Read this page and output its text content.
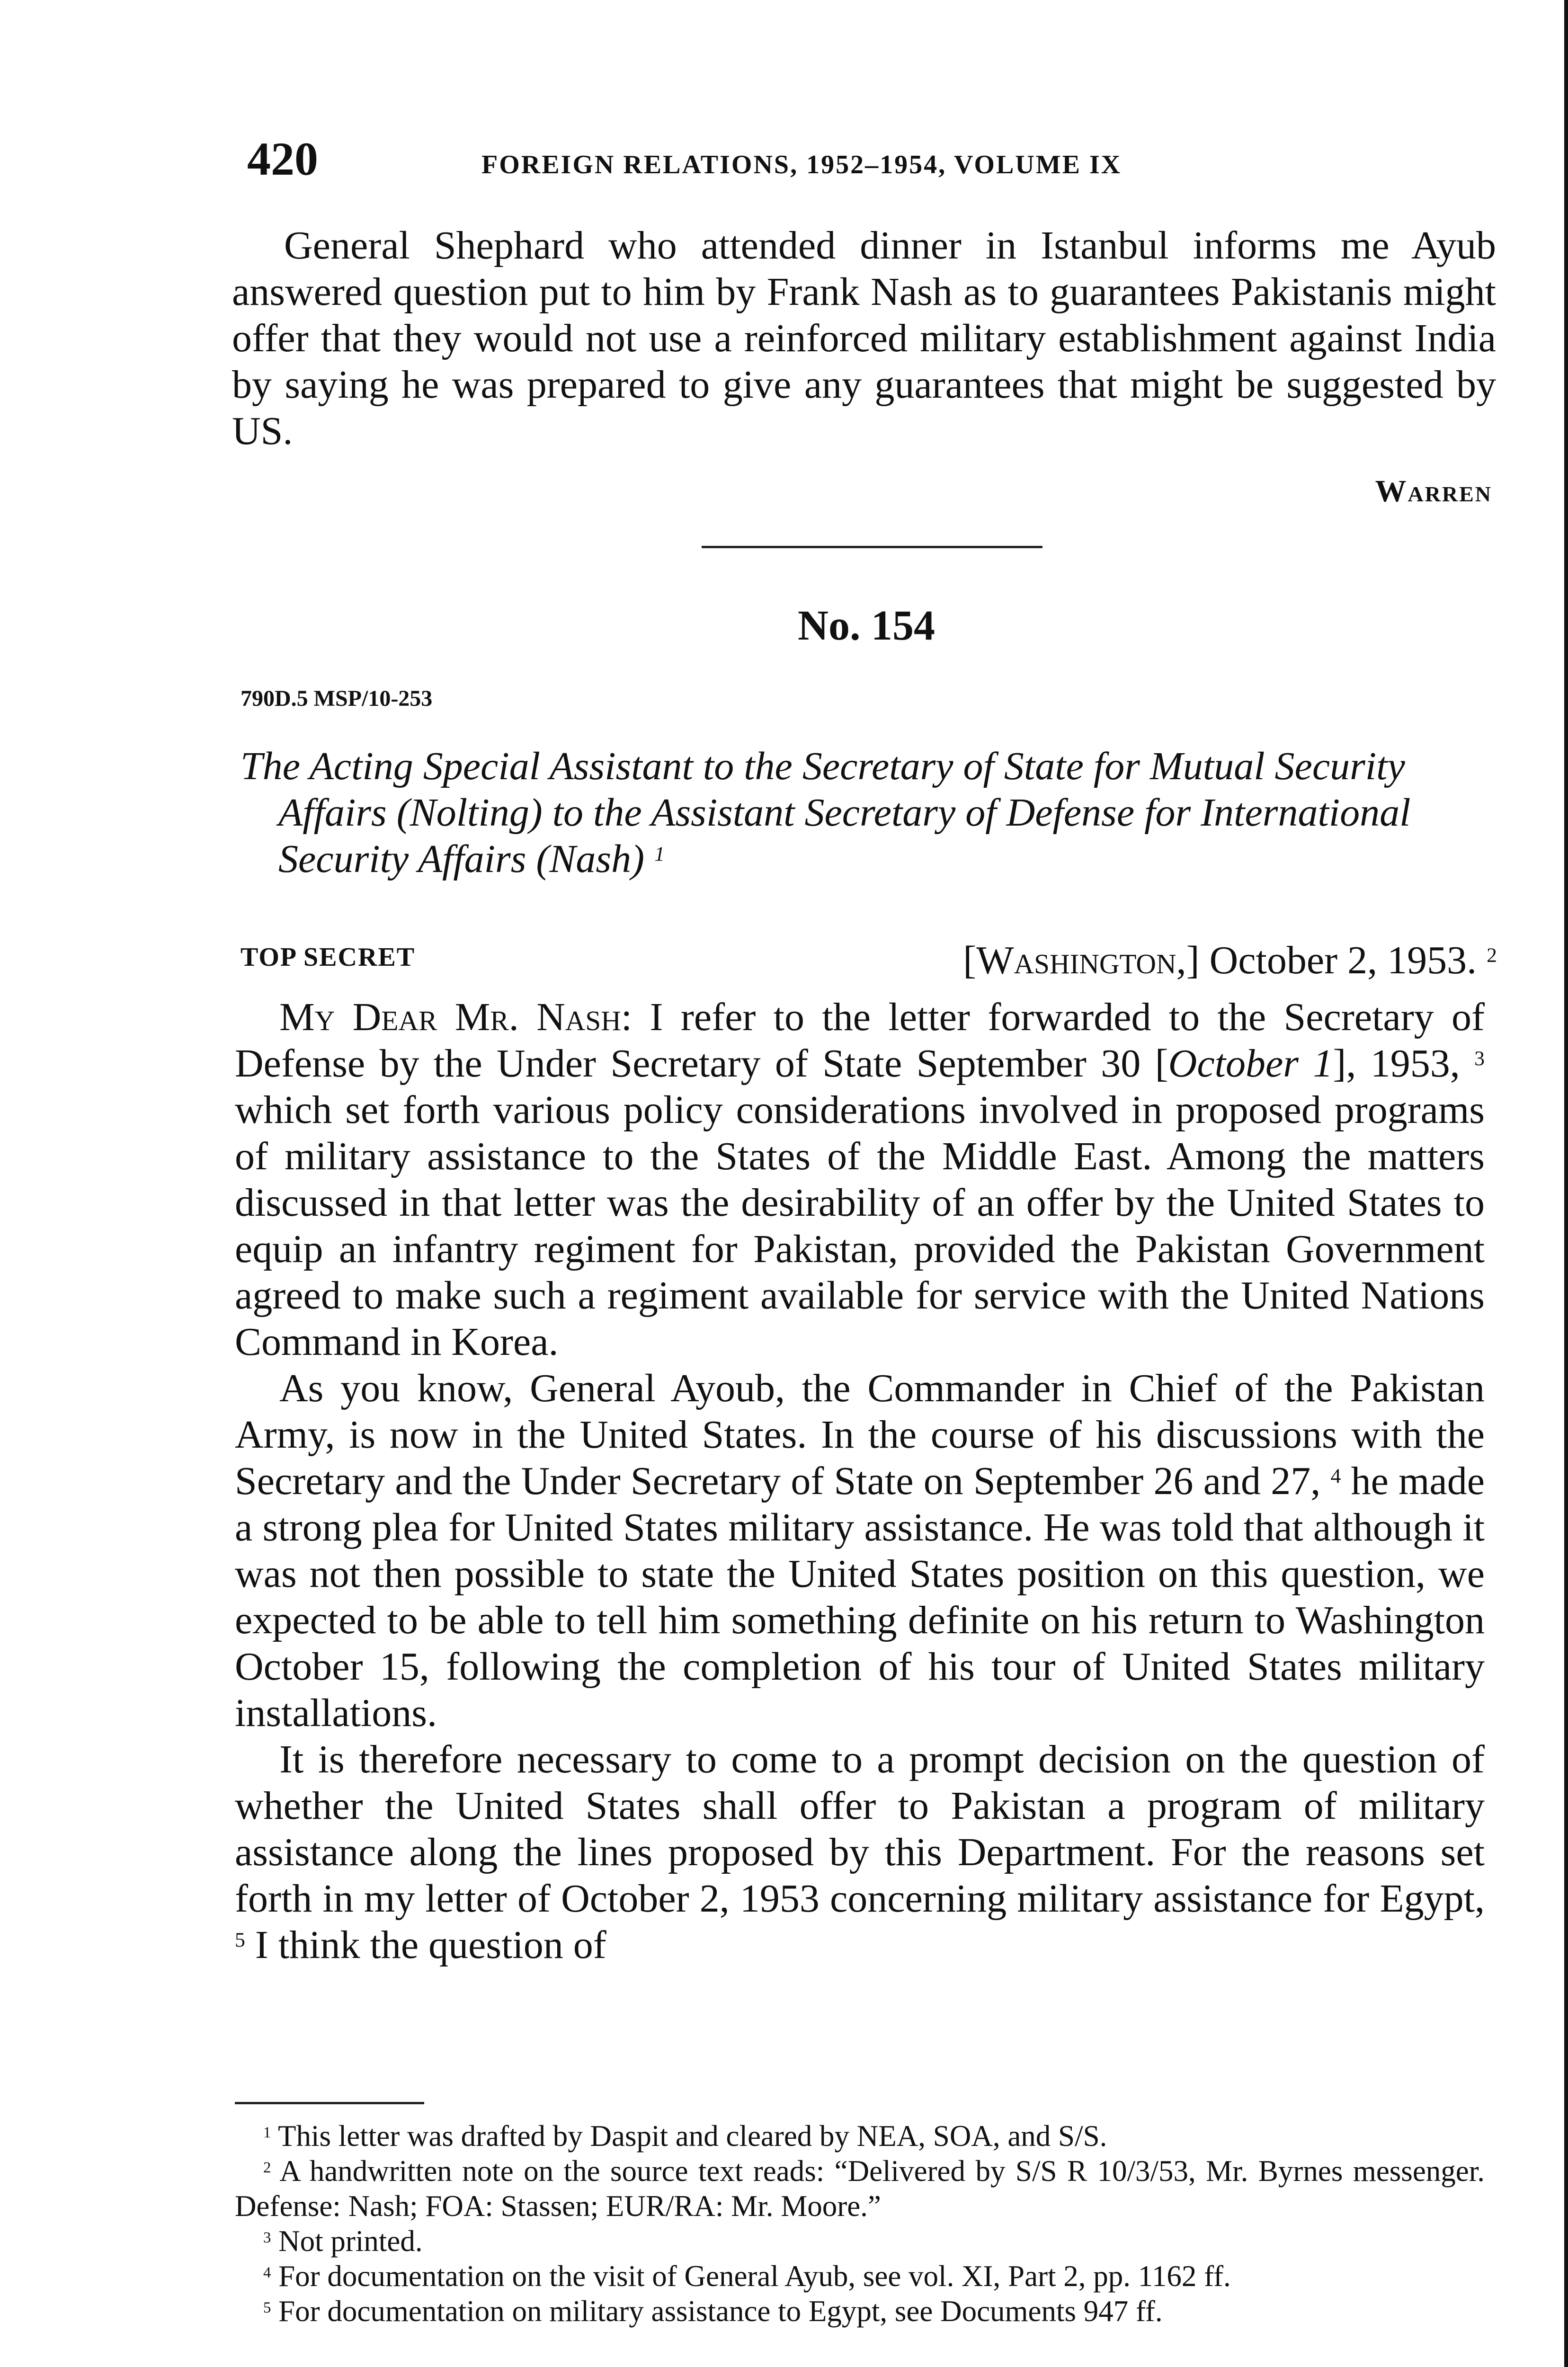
420	FOREIGN RELATIONS, 1952–1954, VOLUME IX
General Shephard who attended dinner in Istanbul informs me Ayub answered question put to him by Frank Nash as to guarantees Pakistanis might offer that they would not use a reinforced military establishment against India by saying he was prepared to give any guarantees that might be suggested by US.
Warren
No. 154
790D.5 MSP/10-253
The Acting Special Assistant to the Secretary of State for Mutual Security Affairs (Nolting) to the Assistant Secretary of Defense for International Security Affairs (Nash) $^1$
TOP SECRET	[Washington,] October 2, 1953. $^2$

My Dear Mr. Nash: I refer to the letter forwarded to the Secretary of Defense by the Under Secretary of State September 30 [October 1], 1953, $^3$ which set forth various policy considerations involved in proposed programs of military assistance to the States of the Middle East. Among the matters discussed in that letter was the desirability of an offer by the United States to equip an infantry regiment for Pakistan, provided the Pakistan Government agreed to make such a regiment available for service with the United Nations Command in Korea.

As you know, General Ayoub, the Commander in Chief of the Pakistan Army, is now in the United States. In the course of his discussions with the Secretary and the Under Secretary of State on September 26 and 27, $^4$ he made a strong plea for United States military assistance. He was told that although it was not then possible to state the United States position on this question, we expected to be able to tell him something definite on his return to Washington October 15, following the completion of his tour of United States military installations.

It is therefore necessary to come to a prompt decision on the question of whether the United States shall offer to Pakistan a program of military assistance along the lines proposed by this Department. For the reasons set forth in my letter of October 2, 1953 concerning military assistance for Egypt, $^5$ I think the question of

$^1$ This letter was drafted by Daspit and cleared by NEA, SOA, and S/S.

$^2$ A handwritten note on the source text reads: “Delivered by S/S R 10/3/53, Mr. Byrnes messenger. Defense: Nash; FOA: Stassen; EUR/RA: Mr. Moore.”

$^3$ Not printed.

$^4$ For documentation on the visit of General Ayub, see vol. XI, Part 2, pp. 1162 ff.

$^5$ For documentation on military assistance to Egypt, see Documents 947 ff.
